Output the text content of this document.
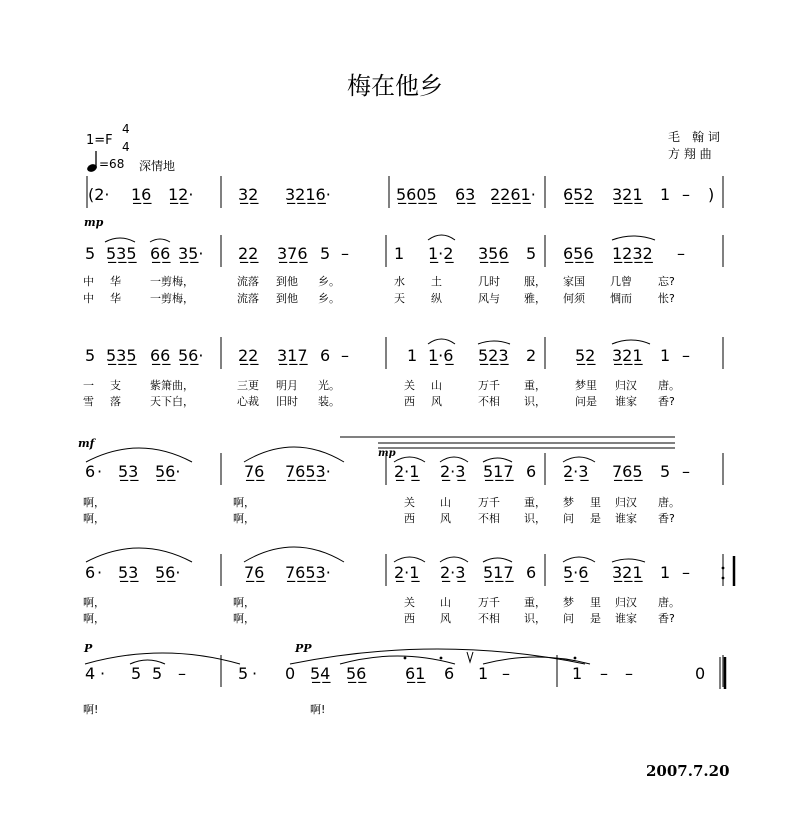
梅在他乡
毛　翰 词
方 翔 曲
1=F
4
4
=68 深情地
(2· 1̲6̲ 1̲2̲·	3̲2̲ 3̲2̲1̲6̲·	5̲6̲0̲5̲ 6̲3̲ 2̲2̲6̲1̲· 6̲5̲2̲ 3̲2̲1̲ 1 – )
5 5̲3̲5̲ 6̲6̲ 3̲5̲· 2̲2̲ 3̲7̲6̲ 5 –	1 1̲·2̲ 3̲5̲6̲ 5 6̲5̲6̲ 1̲2̲3̲2̲ –
中 华	一剪梅，	流落 到他 乡。	水 土	几时 服， 家国 几曾 忘?
中 华	一剪梅，	流落 到他 乡。	天 纵	风与 雅， 何须 惆而 怅?
5 5̲3̲5̲ 6̲6̲ 5̲6̲· 2̲2̲ 3̲1̲7̲ 6 –	1 1̲·6̲ 5̲2̲3̲ 2 5̲2̲ 3̲2̲1̲ 1 –
一 支	紫箫曲，	三更 明月 光。	关 山	万千 重，	梦里 归汉 唐。
雪 落	天下白，	心裁 旧时 装。	西 风	不相 识，	问是 谁家 香?
6 · 5̲3̲ 5̲6̲·	7̲6̲ 7̲6̲5̲3̲·	2̲·1̲ 2̲·3̲ 5̲1̲7̲ 6 2̲·3̲ 7̲6̲5̲ 5 –
啊，	啊，	关 山 万千 重， 梦 里 归汉 唐。
啊，	啊，	西 风 不相 识， 问 是 谁家 香?
6 · 5̲3̲ 5̲6̲·	7̲6̲ 7̲6̲5̲3̲·	2̲·1̲ 2̲·3̲ 5̲1̲7̲ 6 5̲·6̲ 3̲2̲1̲ 1 –
啊，	啊，	关 山 万千 重， 梦 里 归汉 唐。
啊，	啊，	西 风 不相 识， 问 是 谁家 香?
4 · 5 5 –	5 · 0 5̲4̲ 5̲6̲ 6̲1̲ 6 1 –	1 – –	0
啊!	啊!
mp
mf
mp
P	PP
2007.7.20
